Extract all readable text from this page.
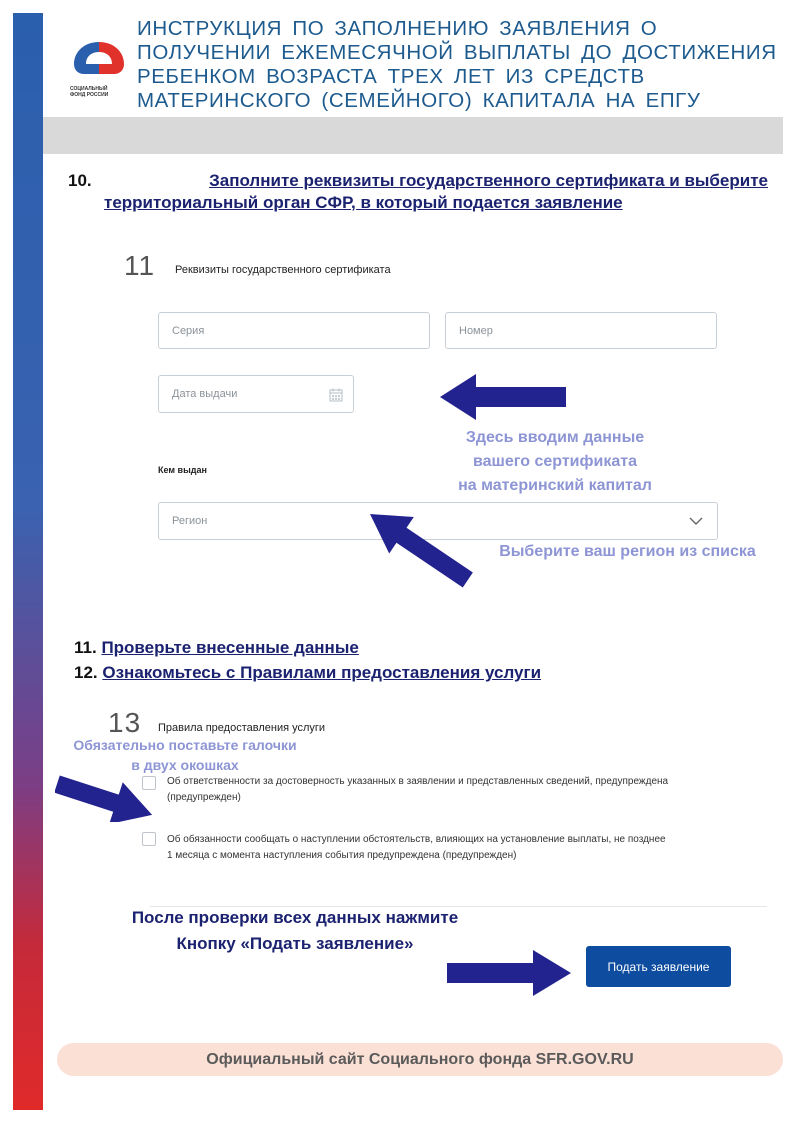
СОЦИАЛЬНЫЙ
ФОНД РОССИИ
ИНСТРУКЦИЯ ПО ЗАПОЛНЕНИЮ ЗАЯВЛЕНИЯ О ПОЛУЧЕНИИ ЕЖЕМЕСЯЧНОЙ ВЫПЛАТЫ ДО ДОСТИЖЕНИЯ РЕБЕНКОМ ВОЗРАСТА ТРЕХ ЛЕТ ИЗ СРЕДСТВ МАТЕРИНСКОГО (СЕМЕЙНОГО) КАПИТАЛА НА ЕПГУ
10.	Заполните реквизиты государственного сертификата и выберите
территориальный орган СФР, в который подается заявление
11 Реквизиты государственного сертификата
Серия	Номер
Дата выдачи
Кем выдан
Регион
Здесь вводим данные
вашего сертификата
на материнский капитал
Выберите ваш регион из списка
11. Проверьте внесенные данные
12. Ознакомьтесь с Правилами предоставления услуги
13 Правила предоставления услуги
Обязательно поставьте галочки
в двух окошках
Об ответственности за достоверность указанных в заявлении и представленных сведений, предупреждена
(предупрежден)
Об обязанности сообщать о наступлении обстоятельств, влияющих на установление выплаты, не позднее
1 месяца с момента наступления события предупреждена (предупрежден)
После проверки всех данных нажмите
Кнопку «Подать заявление»
Подать заявление
Официальный сайт Социального фонда SFR.GOV.RU
